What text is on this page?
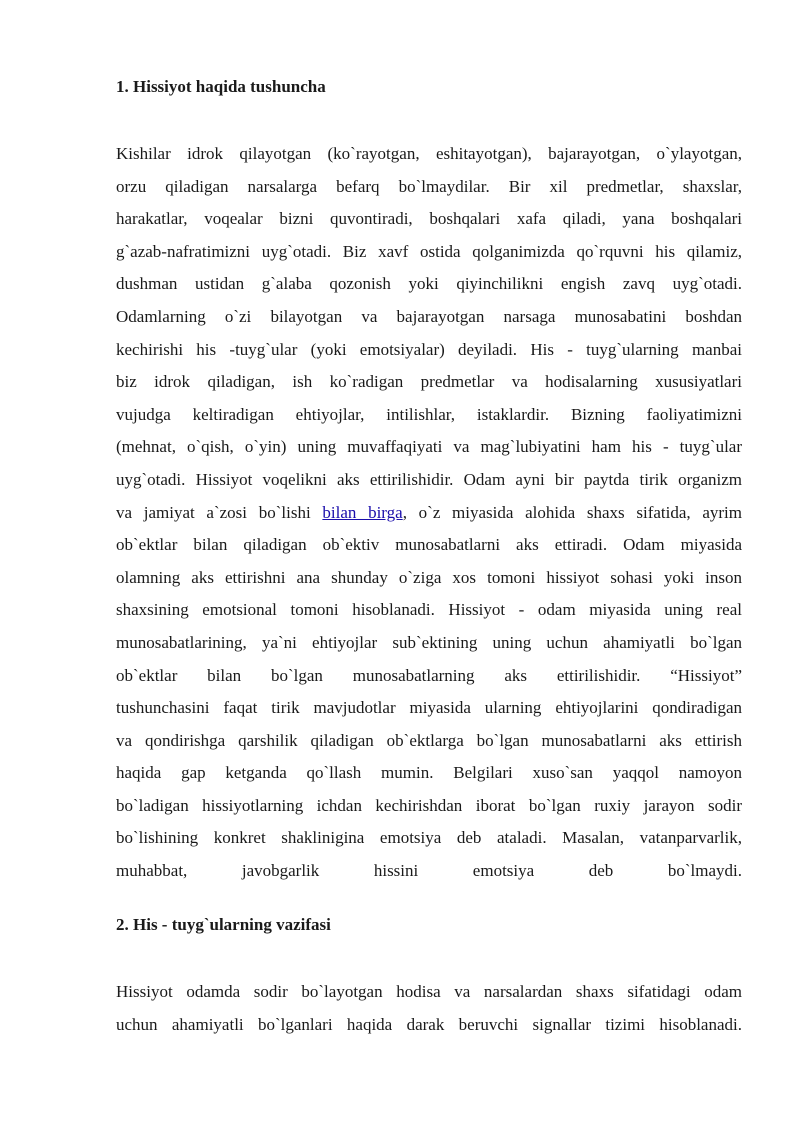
1. Hissiyot haqida tushuncha
Kishilar idrok qilayotgan (ko`rayotgan, eshitayotgan), bajarayotgan, o`ylayotgan,
orzu qiladigan narsalarga befarq bo`lmaydilar. Bir xil predmetlar, shaxslar,
harakatlar, voqealar bizni quvontiradi, boshqalari xafa qiladi, yana boshqalari
g`azab-nafratimizni uyg`otadi. Biz xavf ostida qolganimizda qo`rquvni his qilamiz,
dushman ustidan g`alaba qozonish yoki qiyinchilikni engish zavq uyg`otadi.
Odamlarning o`zi bilayotgan va bajarayotgan narsaga munosabatini boshdan
kechirishi his -tuyg`ular (yoki emotsiyalar) deyiladi. His - tuyg`ularning manbai
biz idrok qiladigan, ish ko`radigan predmetlar va hodisalarning xususiyatlari
vujudga keltiradigan ehtiyojlar, intilishlar, istaklardir. Bizning faoliyatimizni
(mehnat, o`qish, o`yin) uning muvaffaqiyati va mag`lubiyatini ham his - tuyg`ular
uyg`otadi. Hissiyot voqelikni aks ettirilishidir. Odam ayni bir paytda tirik organizm
va jamiyat a`zosi bo`lishi bilan birga, o`z miyasida alohida shaxs sifatida, ayrim
ob`ektlar bilan qiladigan ob`ektiv munosabatlarni aks ettiradi. Odam miyasida
olamning aks ettirishni ana shunday o`ziga xos tomoni hissiyot sohasi yoki inson
shaxsining emotsional tomoni hisoblanadi. Hissiyot - odam miyasida uning real
munosabatlarining, ya`ni ehtiyojlar sub`ektining uning uchun ahamiyatli bo`lgan
ob`ektlar bilan bo`lgan munosabatlarning aks ettirilishidir. “Hissiyot”
tushunchasini faqat tirik mavjudotlar miyasida ularning ehtiyojlarini qondiradigan
va qondirishga qarshilik qiladigan ob`ektlarga bo`lgan munosabatlarni aks ettirish
haqida gap ketganda qo`llash mumin. Belgilari xuso`san yaqqol namoyon
bo`ladigan hissiyotlarning ichdan kechirishdan iborat bo`lgan ruxiy jarayon sodir
bo`lishining konkret shaklinigina emotsiya deb ataladi. Masalan, vatanparvarlik,
muhabbat, javobgarlik hissini emotsiya deb bo`lmaydi.
2. His - tuyg`ularning vazifasi
Hissiyot odamda sodir bo`layotgan hodisa va narsalardan shaxs sifatidagi odam
uchun ahamiyatli bo`lganlari haqida darak beruvchi signallar tizimi hisoblanadi.
